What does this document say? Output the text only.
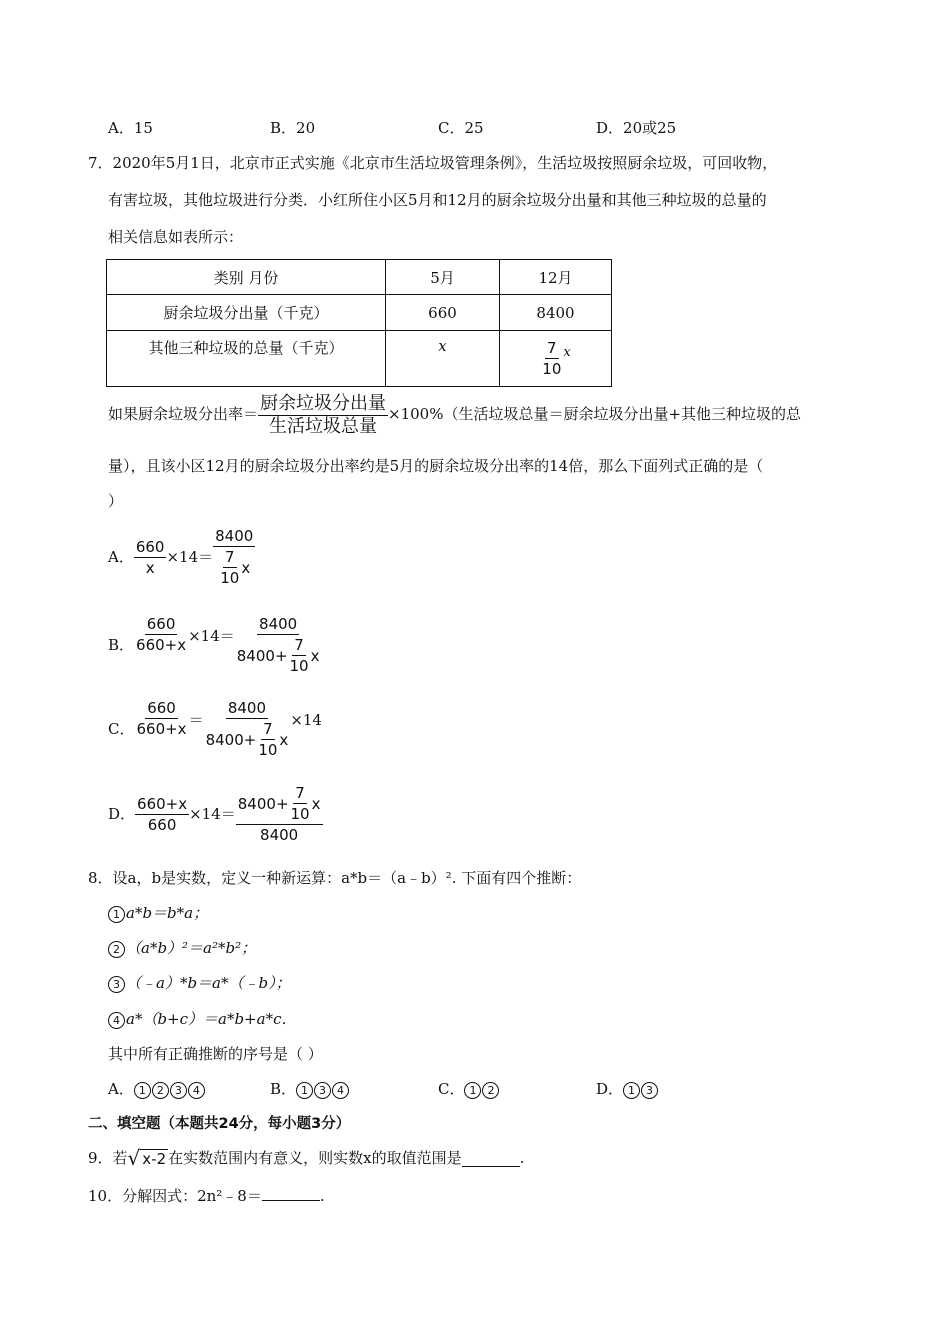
A．15	B．20	C．25	D．20或25
7．2020年5月1日，北京市正式实施《北京市生活垃圾管理条例》，生活垃圾按照厨余垃圾，可回收物，
有害垃圾，其他垃圾进行分类．小红所住小区5月和12月的厨余垃圾分出量和其他三种垃圾的总量的
相关信息如表所示：
类别 月份	5月	12月
厨余垃圾分出量（千克）	660	8400
其他三种垃圾的总量（千克）	x	$\frac{7}{10}$ x
如果厨余垃圾分出率＝ $\frac{\text{厨余垃圾分出量}}{\text{生活垃圾总量}} \times 100\%$（生活垃圾总量＝厨余垃圾分出量+其他三种垃圾的总
量），且该小区12月的厨余垃圾分出率约是5月的厨余垃圾分出率的14倍，那么下面列式正确的是（
）
A． $\frac{660}{x} \times 14= \frac{8400}{\frac{7}{10} x}$
B． $\frac{660}{660+x} \times 14= \frac{8400}{8400+ \frac{7}{10} x}$
C． $\frac{660}{660+x} = \frac{8400}{8400+ \frac{7}{10} x} \times 14$
D． $\frac{660+x}{660} \times 14= \frac{8400+ \frac{7}{10} x}{8400}$
8．设a，b是实数，定义一种新运算：a*b＝（a﹣b）². 下面有四个推断：
1 a*b＝b*a；
2 （a*b）²＝a²*b²；
3 （﹣a）*b＝a*（﹣b）；
4 a*（b+c）＝a*b+a*c．
其中所有正确推断的序号是（ ）
A． 1 2 3 4	B． 1 3 4	C． 1 2	D． 1 3
二、填空题（本题共24分，每小题3分）
9．若 √ x-2 在实数范围内有意义，则实数x的取值范围是	.
10．分解因式：2n²﹣8＝	.
